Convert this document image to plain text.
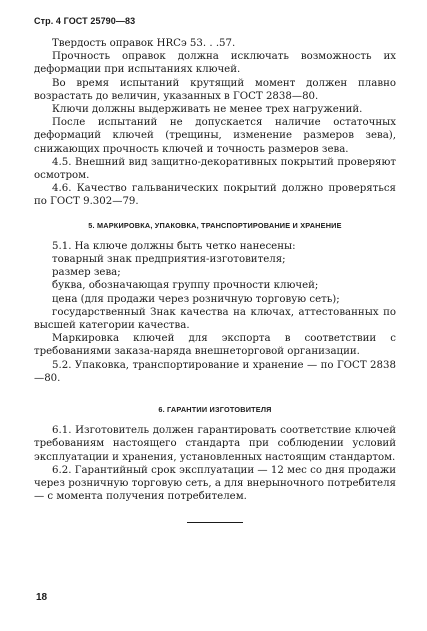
Стр. 4 ГОСТ 25790—83

Твердость оправок HRCэ 53. . .57.

Прочность оправок должна исключать возможность их деформации при испытаниях ключей.

Во время испытаний крутящий момент должен плавно возрастать до величин, указанных в ГОСТ 2838—80.

Ключи должны выдерживать не менее трех нагружений.

После испытаний не допускается наличие остаточных деформаций ключей (трещины, изменение размеров зева), снижающих прочность ключей и точность размеров зева.

4.5. Внешний вид защитно-декоративных покрытий проверяют осмотром.

4.6. Качество гальванических покрытий должно проверяться по ГОСТ 9.302—79.

5. МАРКИРОВКА, УПАКОВКА, ТРАНСПОРТИРОВАНИЕ И ХРАНЕНИЕ

5.1. На ключе должны быть четко нанесены:

товарный знак предприятия-изготовителя;

размер зева;

буква, обозначающая группу прочности ключей;

цена (для продажи через розничную торговую сеть);

государственный Знак качества на ключах, аттестованных по высшей категории качества.

Маркировка ключей для экспорта в соответствии с требованиями заказа-наряда внешнеторговой организации.

5.2. Упаковка, транспортирование и хранение — по ГОСТ 2838—80.

6. ГАРАНТИИ ИЗГОТОВИТЕЛЯ

6.1. Изготовитель должен гарантировать соответствие ключей требованиям настоящего стандарта при соблюдении условий эксплуатации и хранения, установленных настоящим стандартом.

6.2. Гарантийный срок эксплуатации — 12 мес со дня продажи через розничную торговую сеть, а для внерыночного потребителя — с момента получения потребителем.

18
